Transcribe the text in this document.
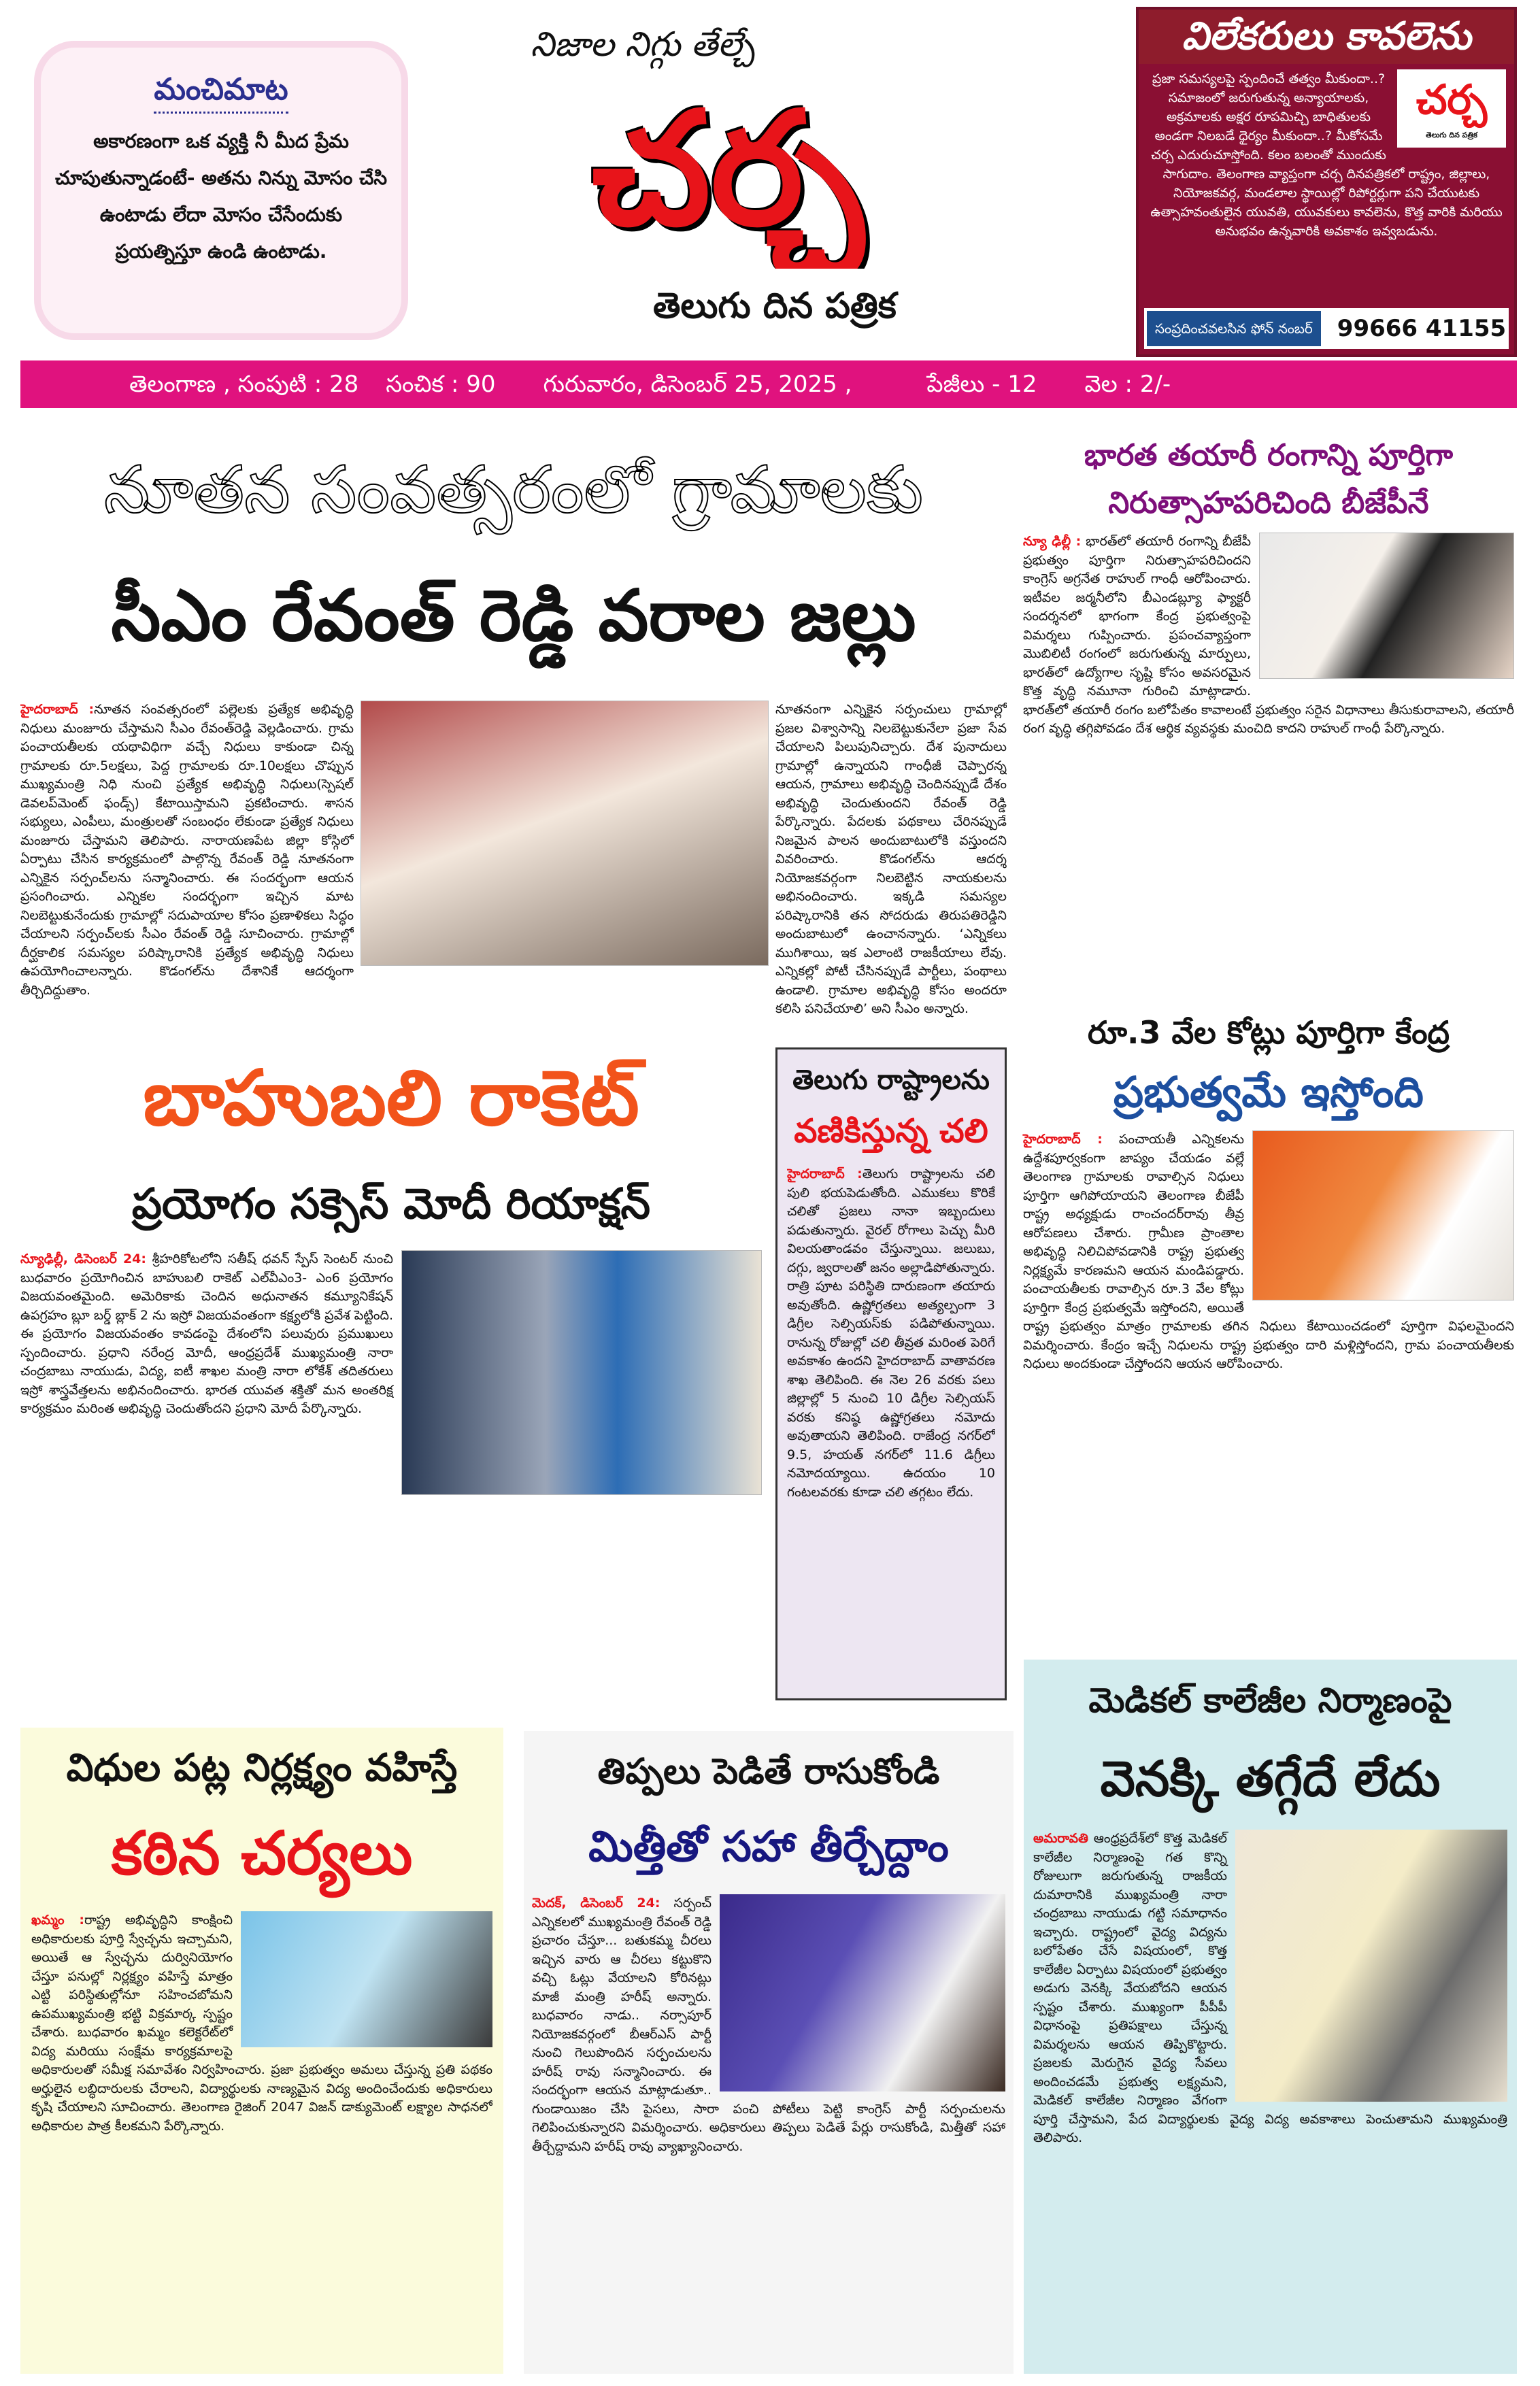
మంచిమాట
అకారణంగా ఒక వ్యక్తి నీ మీద ప్రేమ చూపుతున్నాడంటే- అతను నిన్ను మోసం చేసి ఉంటాడు లేదా మోసం చేసేందుకు ప్రయత్నిస్తూ ఉండి ఉంటాడు.
నిజాల నిగ్గు తేల్చే
చర్చ
తెలుగు దిన పత్రిక
విలేకరులు కావలెను
చర్చ
తెలుగు దిన పత్రిక
ప్రజా సమస్యలపై స్పందించే తత్వం మీకుందా..? సమాజంలో జరుగుతున్న అన్యాయాలకు, అక్రమాలకు అక్షర రూపమిచ్చి బాధితులకు అండగా నిలబడే ధైర్యం మీకుందా..? మీకోసమే చర్చ ఎదురుచూస్తోంది. కలం బలంతో ముందుకు సాగుదాం. తెలంగాణ వ్యాప్తంగా చర్చ దినపత్రికలో రాష్ట్రం, జిల్లాలు, నియోజకవర్గ, మండలాల స్థాయిల్లో రిపోర్టర్లుగా పని చేయుటకు ఉత్సాహవంతులైన యువతి, యువకులు కావలెను, కొత్త వారికి మరియు అనుభవం ఉన్నవారికి అవకాశం ఇవ్వబడును.
సంప్రదించవలసిన ఫోన్ నంబర్	99666 41155
తెలంగాణ , సంపుటి : 28 సంచిక : 90 గురువారం, డిసెంబర్ 25, 2025 ,	పేజీలు - 12 వెల : 2/-
నూతన సంవత్సరంలో గ్రామాలకు
సీఎం రేవంత్ రెడ్డి వరాల జల్లు
హైదరాబాద్ :నూతన సంవత్సరంలో పల్లెలకు ప్రత్యేక అభివృద్ధి నిధులు మంజూరు చేస్తామని సీఎం రేవంత్‌రెడ్డి వెల్లడించారు. గ్రామ పంచాయతీలకు యథావిధిగా వచ్చే నిధులు కాకుండా చిన్న గ్రామాలకు రూ.5లక్షలు, పెద్ద గ్రామాలకు రూ.10లక్షలు చొప్పున ముఖ్యమంత్రి నిధి నుంచి ప్రత్యేక అభివృద్ధి నిధులు(స్పెషల్ డెవలప్‌మెంట్ ఫండ్స్) కేటాయిస్తామని ప్రకటించారు. శాసన సభ్యులు, ఎంపీలు, మంత్రులతో సంబంధం లేకుండా ప్రత్యేక నిధులు మంజూరు చేస్తామని తెలిపారు. నారాయణపేట జిల్లా కోస్గిలో ఏర్పాటు చేసిన కార్యక్రమంలో పాల్గొన్న రేవంత్ రెడ్డి నూతనంగా ఎన్నికైన సర్పంచ్‌లను సన్మానించారు. ఈ సందర్భంగా ఆయన ప్రసంగించారు. ఎన్నికల సందర్భంగా ఇచ్చిన మాట నిలబెట్టుకునేందుకు గ్రామాల్లో సదుపాయాల కోసం ప్రణాళికలు సిద్ధం చేయాలని సర్పంచ్‌లకు సీఎం రేవంత్ రెడ్డి సూచించారు. గ్రామాల్లో దీర్ఘకాలిక సమస్యల పరిష్కారానికి ప్రత్యేక అభివృద్ధి నిధులు ఉపయోగించాలన్నారు. కొడంగల్‌ను దేశానికే ఆదర్శంగా తీర్చిదిద్దుతాం.
నూతనంగా ఎన్నికైన సర్పంచులు గ్రామాల్లో ప్రజల విశ్వాసాన్ని నిలబెట్టుకునేలా ప్రజా సేవ చేయాలని పిలుపునిచ్చారు. దేశ పునాదులు గ్రామాల్లో ఉన్నాయని గాంధీజీ చెప్పారన్న ఆయన, గ్రామాలు అభివృద్ధి చెందినప్పుడే దేశం అభివృద్ధి చెందుతుందని రేవంత్ రెడ్డి పేర్కొన్నారు. పేదలకు పథకాలు చేరినప్పుడే నిజమైన పాలన అందుబాటులోకి వస్తుందని వివరించారు. కొడంగల్‌ను ఆదర్శ నియోజకవర్గంగా నిలబెట్టిన నాయకులను అభినందించారు. ఇక్కడి సమస్యల పరిష్కారానికి తన సోదరుడు తిరుపతిరెడ్డిని అందుబాటులో ఉంచానన్నారు. ‘ఎన్నికలు ముగిశాయి, ఇక ఎలాంటి రాజకీయాలు లేవు. ఎన్నికల్లో పోటీ చేసినప్పుడే పార్టీలు, పంథాలు ఉండాలి. గ్రామాల అభివృద్ధి కోసం అందరూ కలిసి పనిచేయాలి’ అని సీఎం అన్నారు.
భారత తయారీ రంగాన్ని పూర్తిగా
నిరుత్సాహపరిచింది బీజేపీనే
న్యూ ఢిల్లీ : భారత్‌లో తయారీ రంగాన్ని బీజేపీ ప్రభుత్వం పూర్తిగా నిరుత్సాహపరిచిందని కాంగ్రెస్ అగ్రనేత రాహుల్ గాంధీ ఆరోపించారు. ఇటీవల జర్మనీలోని బీఎండబ్ల్యూ ఫ్యాక్టరీ సందర్శనలో భాగంగా కేంద్ర ప్రభుత్వంపై విమర్శలు గుప్పించారు. ప్రపంచవ్యాప్తంగా మొబిలిటీ రంగంలో జరుగుతున్న మార్పులు, భారత్‌లో ఉద్యోగాల సృష్టి కోసం అవసరమైన కొత్త వృద్ధి నమూనా గురించి మాట్లాడారు. భారత్‌లో తయారీ రంగం బలోపేతం కావాలంటే ప్రభుత్వం సరైన విధానాలు తీసుకురావాలని, తయారీ రంగ వృద్ధి తగ్గిపోవడం దేశ ఆర్థిక వ్యవస్థకు మంచిది కాదని రాహుల్ గాంధీ పేర్కొన్నారు.
రూ.3 వేల కోట్లు పూర్తిగా కేంద్ర
ప్రభుత్వమే ఇస్తోంది
హైదరాబాద్ : పంచాయతీ ఎన్నికలను ఉద్దేశపూర్వకంగా జాప్యం చేయడం వల్లే తెలంగాణ గ్రామాలకు రావాల్సిన నిధులు పూర్తిగా ఆగిపోయాయని తెలంగాణ బీజేపీ రాష్ట్ర అధ్యక్షుడు రాంచందర్‌రావు తీవ్ర ఆరోపణలు చేశారు. గ్రామీణ ప్రాంతాల అభివృద్ధి నిలిచిపోవడానికి రాష్ట్ర ప్రభుత్వ నిర్లక్ష్యమే కారణమని ఆయన మండిపడ్డారు. పంచాయతీలకు రావాల్సిన రూ.3 వేల కోట్లు పూర్తిగా కేంద్ర ప్రభుత్వమే ఇస్తోందని, అయితే రాష్ట్ర ప్రభుత్వం మాత్రం గ్రామాలకు తగిన నిధులు కేటాయించడంలో పూర్తిగా విఫలమైందని విమర్శించారు. కేంద్రం ఇచ్చే నిధులను రాష్ట్ర ప్రభుత్వం దారి మళ్లిస్తోందని, గ్రామ పంచాయతీలకు నిధులు అందకుండా చేస్తోందని ఆయన ఆరోపించారు.
బాహుబలి రాకెట్
ప్రయోగం సక్సెస్ మోదీ రియాక్షన్
న్యూఢిల్లీ, డిసెంబర్ 24: శ్రీహరికోటలోని సతీష్ ధవన్ స్పేస్ సెంటర్ నుంచి బుధవారం ప్రయోగించిన బాహుబలి రాకెట్ ఎల్‌వీఎం3- ఎం6 ప్రయోగం విజయవంతమైంది. అమెరికాకు చెందిన అధునాతన కమ్యూనికేషన్ ఉపగ్రహం బ్లూ బర్డ్ బ్లాక్ 2 ను ఇస్రో విజయవంతంగా కక్ష్యలోకి ప్రవేశ పెట్టింది. ఈ ప్రయోగం విజయవంతం కావడంపై దేశంలోని పలువురు ప్రముఖులు స్పందించారు. ప్రధాని నరేంద్ర మోదీ, ఆంధ్రప్రదేశ్ ముఖ్యమంత్రి నారా చంద్రబాబు నాయుడు, విద్య, ఐటీ శాఖల మంత్రి నారా లోకేశ్ తదితరులు ఇస్రో శాస్త్రవేత్తలను అభినందించారు. భారత యువత శక్తితో మన అంతరిక్ష కార్యక్రమం మరింత అభివృద్ధి చెందుతోందని ప్రధాని మోదీ పేర్కొన్నారు.
తెలుగు రాష్ట్రాలను
వణికిస్తున్న చలి
హైదరాబాద్ :తెలుగు రాష్ట్రాలను చలి పులి భయపెడుతోంది. ఎముకలు కొరికే చలితో ప్రజలు నానా ఇబ్బందులు పడుతున్నారు. వైరల్ రోగాలు పెచ్చు మీరి విలయతాండవం చేస్తున్నాయి. జలుబు, దగ్గు, జ్వరాలతో జనం అల్లాడిపోతున్నారు. రాత్రి పూట పరిస్థితి దారుణంగా తయారు అవుతోంది. ఉష్ణోగ్రతలు అత్యల్పంగా 3 డిగ్రీల సెల్సియస్‌కు పడిపోతున్నాయి. రానున్న రోజుల్లో చలి తీవ్రత మరింత పెరిగే అవకాశం ఉందని హైదరాబాద్ వాతావరణ శాఖ తెలిపింది. ఈ నెల 26 వరకు పలు జిల్లాల్లో 5 నుంచి 10 డిగ్రీల సెల్సియస్ వరకు కనిష్ఠ ఉష్ణోగ్రతలు నమోదు అవుతాయని తెలిపింది. రాజేంద్ర నగర్‌లో 9.5, హయత్ నగర్‌లో 11.6 డిగ్రీలు నమోదయ్యాయి. ఉదయం 10 గంటలవరకు కూడా చలి తగ్గటం లేదు.
విధుల పట్ల నిర్లక్ష్యం వహిస్తే
కఠిన చర్యలు
ఖమ్మం :రాష్ట్ర అభివృద్ధిని కాంక్షించి అధికారులకు పూర్తి స్వేచ్ఛను ఇచ్చామని, అయితే ఆ స్వేచ్ఛను దుర్వినియోగం చేస్తూ పనుల్లో నిర్లక్ష్యం వహిస్తే మాత్రం ఎట్టి పరిస్థితుల్లోనూ సహించబోమని ఉపముఖ్యమంత్రి భట్టి విక్రమార్క స్పష్టం చేశారు. బుధవారం ఖమ్మం కలెక్టరేట్‌లో విద్య మరియు సంక్షేమ కార్యక్రమాలపై అధికారులతో సమీక్ష సమావేశం నిర్వహించారు. ప్రజా ప్రభుత్వం అమలు చేస్తున్న ప్రతి పథకం అర్హులైన లబ్ధిదారులకు చేరాలని, విద్యార్థులకు నాణ్యమైన విద్య అందించేందుకు అధికారులు కృషి చేయాలని సూచించారు. తెలంగాణ రైజింగ్ 2047 విజన్ డాక్యుమెంట్ లక్ష్యాల సాధనలో అధికారుల పాత్ర కీలకమని పేర్కొన్నారు.
తిప్పలు పెడితే రాసుకోండి
మిత్తీతో సహా తీర్చేద్దాం
మెదక్, డిసెంబర్ 24: సర్పంచ్ ఎన్నికలలో ముఖ్యమంత్రి రేవంత్ రెడ్డి ప్రచారం చేస్తూ... బతుకమ్మ చీరలు ఇచ్చిన వారు ఆ చీరలు కట్టుకొని వచ్చి ఓట్లు వేయాలని కోరినట్లు మాజీ మంత్రి హరీష్ అన్నారు. బుధవారం నాడు.. నర్సాపూర్ నియోజకవర్గంలో బీఆర్ఎస్ పార్టీ నుంచి గెలుపొందిన సర్పంచులను హరీష్ రావు సన్మానించారు. ఈ సందర్భంగా ఆయన మాట్లాడుతూ.. గుండాయిజం చేసి పైసలు, సారా పంచి పోటీలు పెట్టి కాంగ్రెస్ పార్టీ సర్పంచులను గెలిపించుకున్నారని విమర్శించారు. అధికారులు తిప్పలు పెడితే పేర్లు రాసుకోండి, మిత్తీతో సహా తీర్చేద్దామని హరీష్ రావు వ్యాఖ్యానించారు.
మెడికల్ కాలేజీల నిర్మాణంపై
వెనక్కి తగ్గేదే లేదు
అమరావతి ఆంధ్రప్రదేశ్‌లో కొత్త మెడికల్ కాలేజీల నిర్మాణంపై గత కొన్ని రోజులుగా జరుగుతున్న రాజకీయ దుమారానికి ముఖ్యమంత్రి నారా చంద్రబాబు నాయుడు గట్టి సమాధానం ఇచ్చారు. రాష్ట్రంలో వైద్య విద్యను బలోపేతం చేసే విషయంలో, కొత్త కాలేజీల ఏర్పాటు విషయంలో ప్రభుత్వం అడుగు వెనక్కి వేయబోదని ఆయన స్పష్టం చేశారు. ముఖ్యంగా పీపీపీ విధానంపై ప్రతిపక్షాలు చేస్తున్న విమర్శలను ఆయన తిప్పికొట్టారు. ప్రజలకు మెరుగైన వైద్య సేవలు అందించడమే ప్రభుత్వ లక్ష్యమని, మెడికల్ కాలేజీల నిర్మాణం వేగంగా పూర్తి చేస్తామని, పేద విద్యార్థులకు వైద్య విద్య అవకాశాలు పెంచుతామని ముఖ్యమంత్రి తెలిపారు.
